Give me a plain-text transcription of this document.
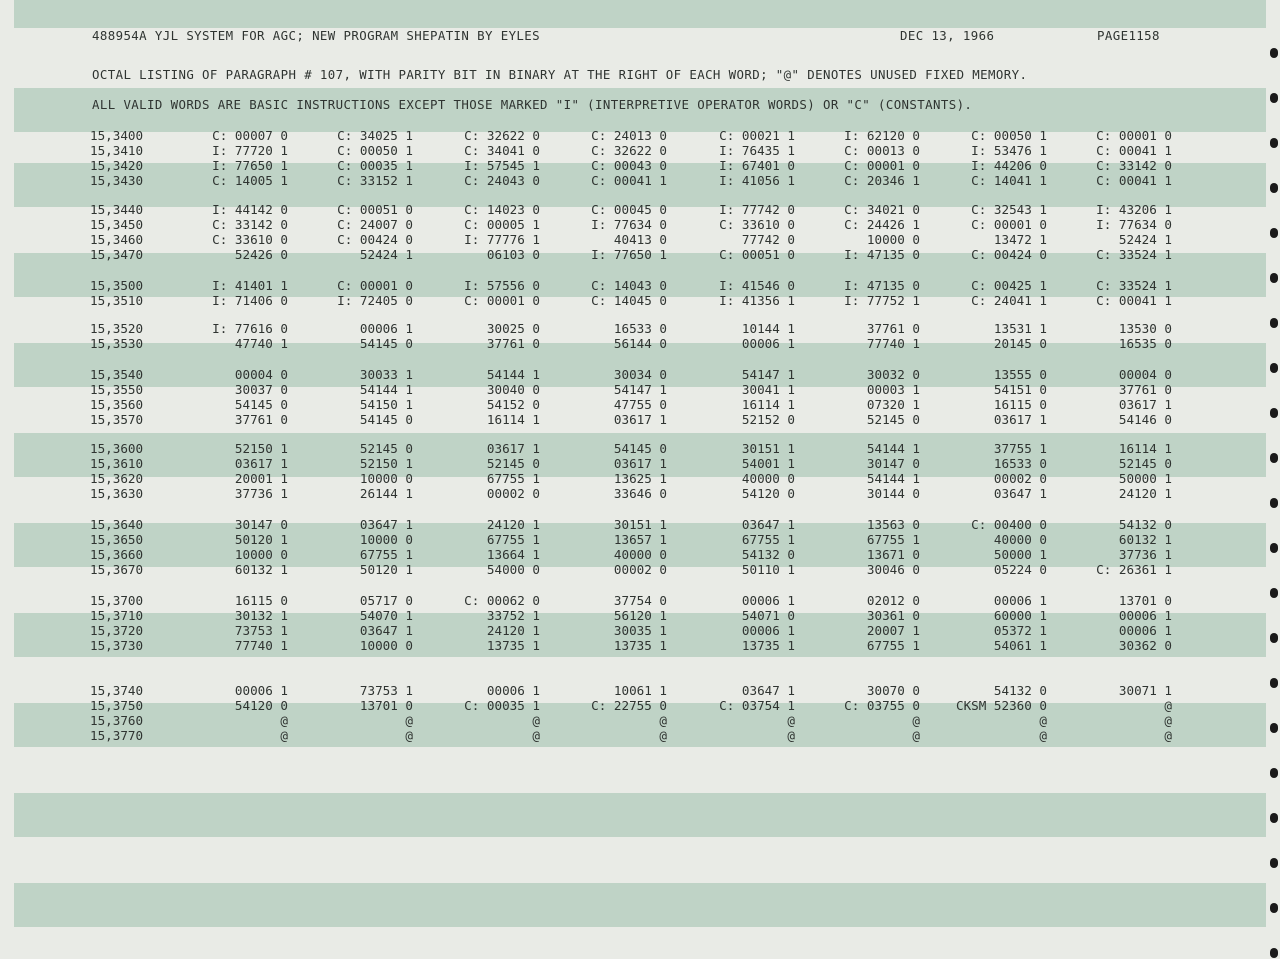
488954A YJL SYSTEM FOR AGC; NEW PROGRAM SHEPATIN BY EYLES	DEC 13, 1966	PAGE1158
OCTAL LISTING OF PARAGRAPH # 107, WITH PARITY BIT IN BINARY AT THE RIGHT OF EACH WORD; "@" DENOTES UNUSED FIXED MEMORY.
ALL VALID WORDS ARE BASIC INSTRUCTIONS EXCEPT THOSE MARKED "I" (INTERPRETIVE OPERATOR WORDS) OR "C" (CONSTANTS).
15,3400	C: 00007 0	C: 34025 1	C: 32622 0	C: 24013 0	C: 00021 1	I: 62120 0	C: 00050 1	C: 00001 0
15,3410	I: 77720 1	C: 00050 1	C: 34041 0	C: 32622 0	I: 76435 1	C: 00013 0	I: 53476 1	C: 00041 1
15,3420	I: 77650 1	C: 00035 1	I: 57545 1	C: 00043 0	I: 67401 0	C: 00001 0	I: 44206 0	C: 33142 0
15,3430	C: 14005 1	C: 33152 1	C: 24043 0	C: 00041 1	I: 41056 1	C: 20346 1	C: 14041 1	C: 00041 1
15,3440	I: 44142 0	C: 00051 0	C: 14023 0	C: 00045 0	I: 77742 0	C: 34021 0	C: 32543 1	I: 43206 1
15,3450	C: 33142 0	C: 24007 0	C: 00005 1	I: 77634 0	C: 33610 0	C: 24426 1	C: 00001 0	I: 77634 0
15,3460	C: 33610 0	C: 00424 0	I: 77776 1	40413 0	77742 0	10000 0	13472 1	52424 1
15,3470	52426 0	52424 1	06103 0	I: 77650 1	C: 00051 0	I: 47135 0	C: 00424 0	C: 33524 1
15,3500	I: 41401 1	C: 00001 0	I: 57556 0	C: 14043 0	I: 41546 0	I: 47135 0	C: 00425 1	C: 33524 1
15,3510	I: 71406 0	I: 72405 0	C: 00001 0	C: 14045 0	I: 41356 1	I: 77752 1	C: 24041 1	C: 00041 1
15,3520	I: 77616 0	00006 1	30025 0	16533 0	10144 1	37761 0	13531 1	13530 0
15,3530	47740 1	54145 0	37761 0	56144 0	00006 1	77740 1	20145 0	16535 0
15,3540	00004 0	30033 1	54144 1	30034 0	54147 1	30032 0	13555 0	00004 0
15,3550	30037 0	54144 1	30040 0	54147 1	30041 1	00003 1	54151 0	37761 0
15,3560	54145 0	54150 1	54152 0	47755 0	16114 1	07320 1	16115 0	03617 1
15,3570	37761 0	54145 0	16114 1	03617 1	52152 0	52145 0	03617 1	54146 0
15,3600	52150 1	52145 0	03617 1	54145 0	30151 1	54144 1	37755 1	16114 1
15,3610	03617 1	52150 1	52145 0	03617 1	54001 1	30147 0	16533 0	52145 0
15,3620	20001 1	10000 0	67755 1	13625 1	40000 0	54144 1	00002 0	50000 1
15,3630	37736 1	26144 1	00002 0	33646 0	54120 0	30144 0	03647 1	24120 1
15,3640	30147 0	03647 1	24120 1	30151 1	03647 1	13563 0	C: 00400 0	54132 0
15,3650	50120 1	10000 0	67755 1	13657 1	67755 1	67755 1	40000 0	60132 1
15,3660	10000 0	67755 1	13664 1	40000 0	54132 0	13671 0	50000 1	37736 1
15,3670	60132 1	50120 1	54000 0	00002 0	50110 1	30046 0	05224 0	C: 26361 1
15,3700	16115 0	05717 0	C: 00062 0	37754 0	00006 1	02012 0	00006 1	13701 0
15,3710	30132 1	54070 1	33752 1	56120 1	54071 0	30361 0	60000 1	00006 1
15,3720	73753 1	03647 1	24120 1	30035 1	00006 1	20007 1	05372 1	00006 1
15,3730	77740 1	10000 0	13735 1	13735 1	13735 1	67755 1	54061 1	30362 0
15,3740	00006 1	73753 1	00006 1	10061 1	03647 1	30070 0	54132 0	30071 1
15,3750	54120 0	13701 0	C: 00035 1	C: 22755 0	C: 03754 1	C: 03755 0	CKSM 52360 0	@
15,3760	@	@	@	@	@	@	@	@
15,3770	@	@	@	@	@	@	@	@
